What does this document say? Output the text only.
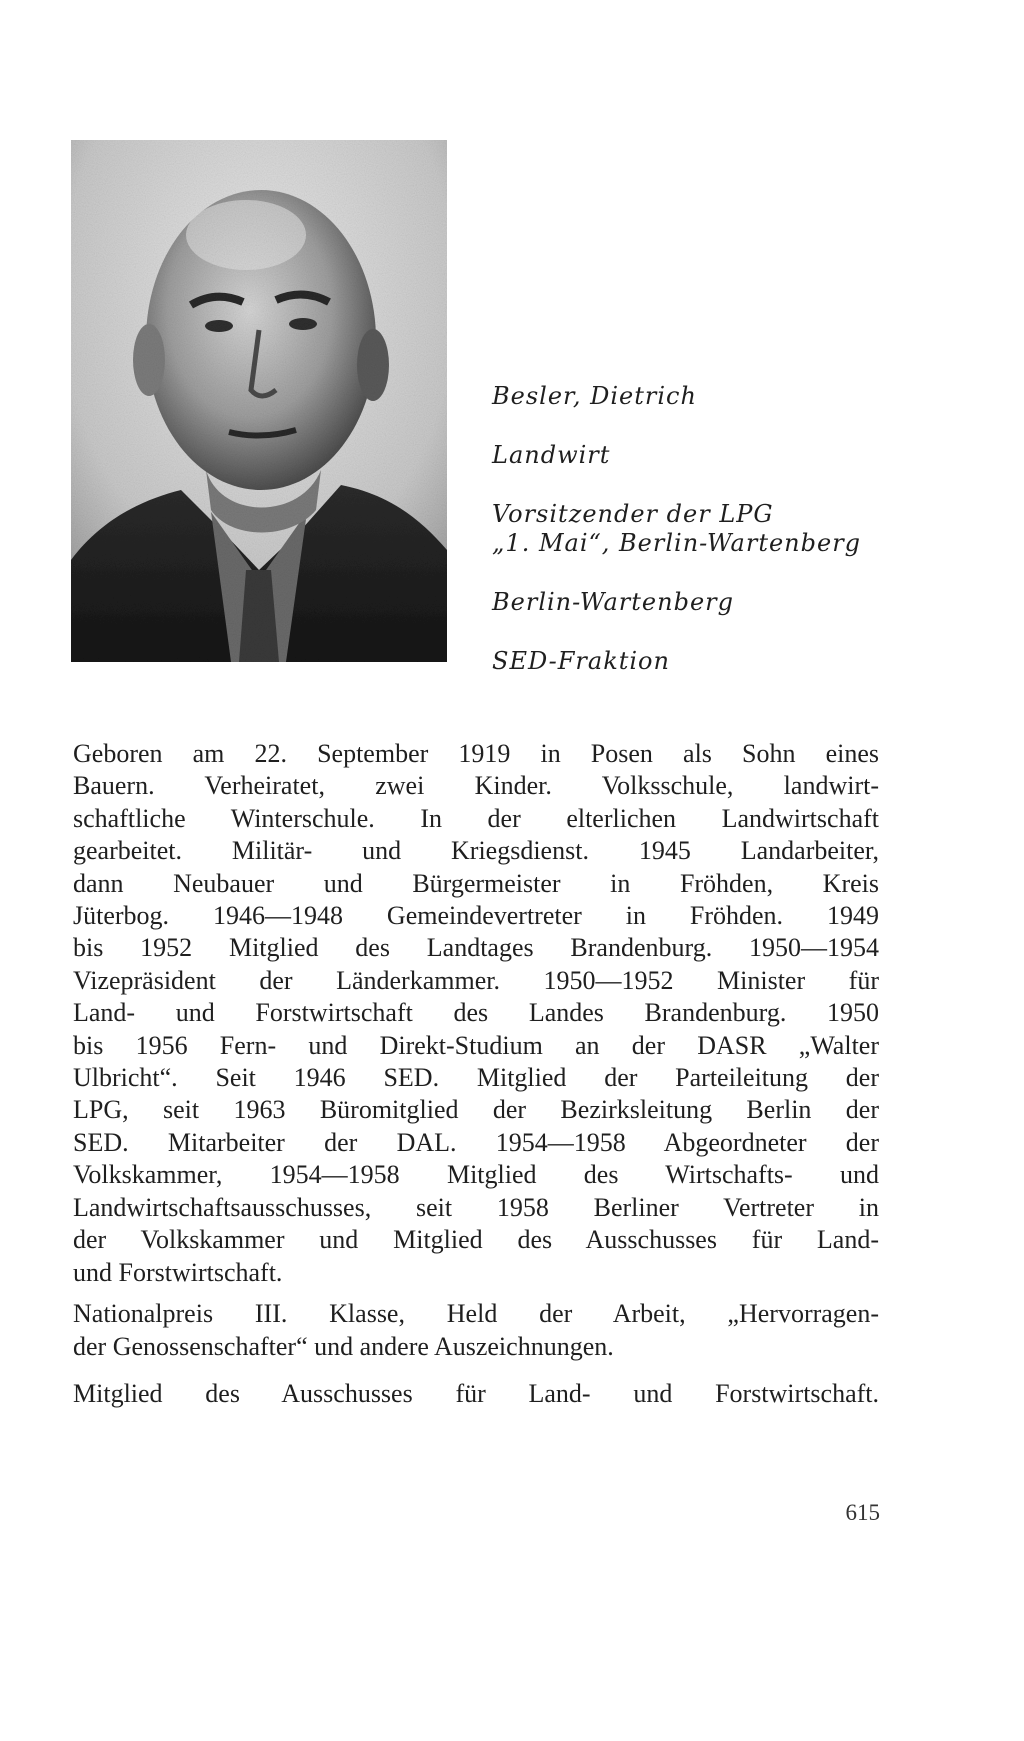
Besler, Dietrich
Landwirt
Vorsitzender der LPG
„1. Mai“, Berlin-Wartenberg
Berlin-Wartenberg
SED-Fraktion
Geboren am 22. September 1919 in Posen als Sohn eines
Bauern. Verheiratet, zwei Kinder. Volksschule, landwirt-
schaftliche Winterschule. In der elterlichen Landwirtschaft
gearbeitet. Militär- und Kriegsdienst. 1945 Landarbeiter,
dann Neubauer und Bürgermeister in Fröhden, Kreis
Jüterbog. 1946—1948 Gemeindevertreter in Fröhden. 1949
bis 1952 Mitglied des Landtages Brandenburg. 1950—1954
Vizepräsident der Länderkammer. 1950—1952 Minister für
Land- und Forstwirtschaft des Landes Brandenburg. 1950
bis 1956 Fern- und Direkt-Studium an der DASR „Walter
Ulbricht“. Seit 1946 SED. Mitglied der Parteileitung der
LPG, seit 1963 Büromitglied der Bezirksleitung Berlin der
SED. Mitarbeiter der DAL. 1954—1958 Abgeordneter der
Volkskammer, 1954—1958 Mitglied des Wirtschafts- und
Landwirtschaftsausschusses, seit 1958 Berliner Vertreter in
der Volkskammer und Mitglied des Ausschusses für Land-
und Forstwirtschaft.
Nationalpreis III. Klasse, Held der Arbeit, „Hervorragen-
der Genossenschafter“ und andere Auszeichnungen.
Mitglied des Ausschusses für Land- und Forstwirtschaft.
615
